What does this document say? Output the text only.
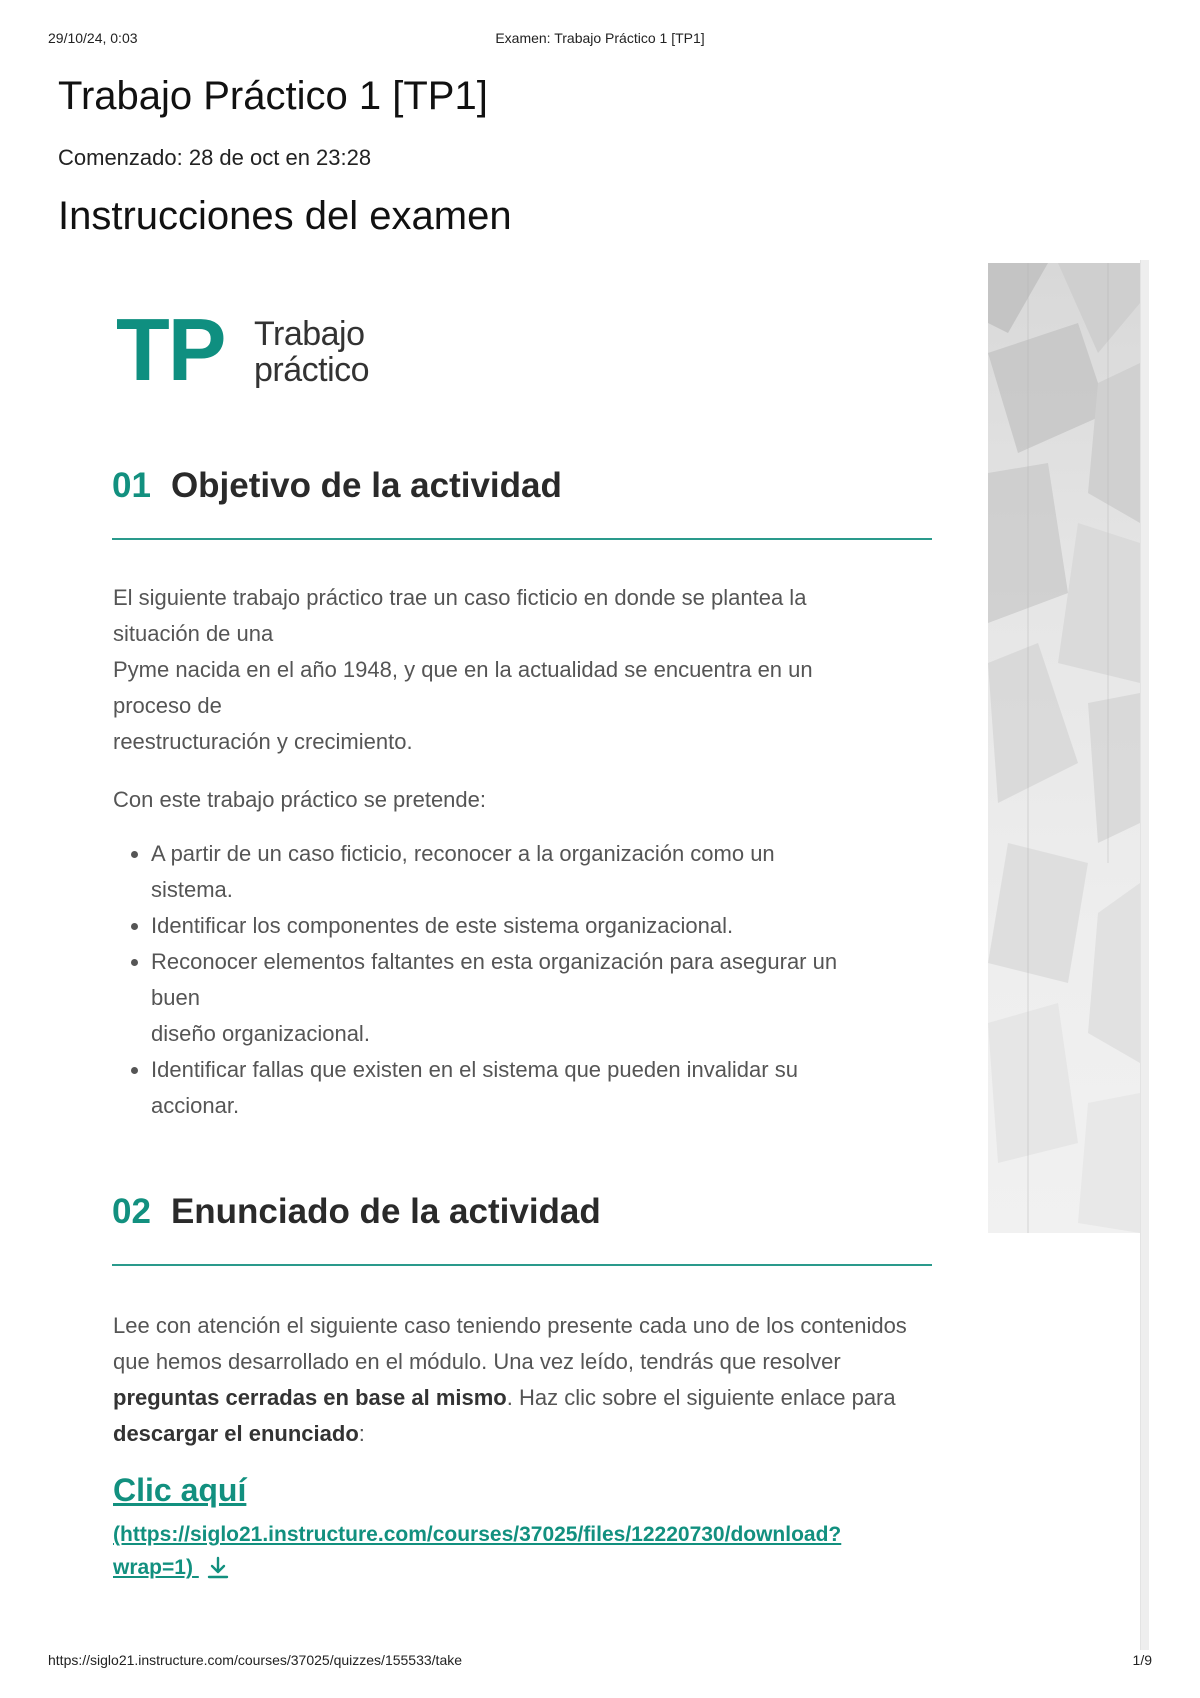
29/10/24, 0:03	Examen: Trabajo Práctico 1 [TP1]
Trabajo Práctico 1 [TP1]
Comenzado: 28 de oct en 23:28
Instrucciones del examen
TP Trabajo
práctico
01 Objetivo de la actividad
El siguiente trabajo práctico trae un caso ficticio en donde se plantea la
situación de una
Pyme nacida en el año 1948, y que en la actualidad se encuentra en un
proceso de
reestructuración y crecimiento.
Con este trabajo práctico se pretende:
• A partir de un caso ficticio, reconocer a la organización como un
sistema.
• Identificar los componentes de este sistema organizacional.
• Reconocer elementos faltantes en esta organización para asegurar un
buen
diseño organizacional.
• Identificar fallas que existen en el sistema que pueden invalidar su
accionar.
02 Enunciado de la actividad
Lee con atención el siguiente caso teniendo presente cada uno de los contenidos que hemos desarrollado en el módulo. Una vez leído, tendrás que resolver preguntas cerradas en base al mismo. Haz clic sobre el siguiente enlace para descargar el enunciado:
Clic aquí
(https://siglo21.instructure.com/courses/37025/files/12220730/download?
wrap=1)
https://siglo21.instructure.com/courses/37025/quizzes/155533/take	1/9
